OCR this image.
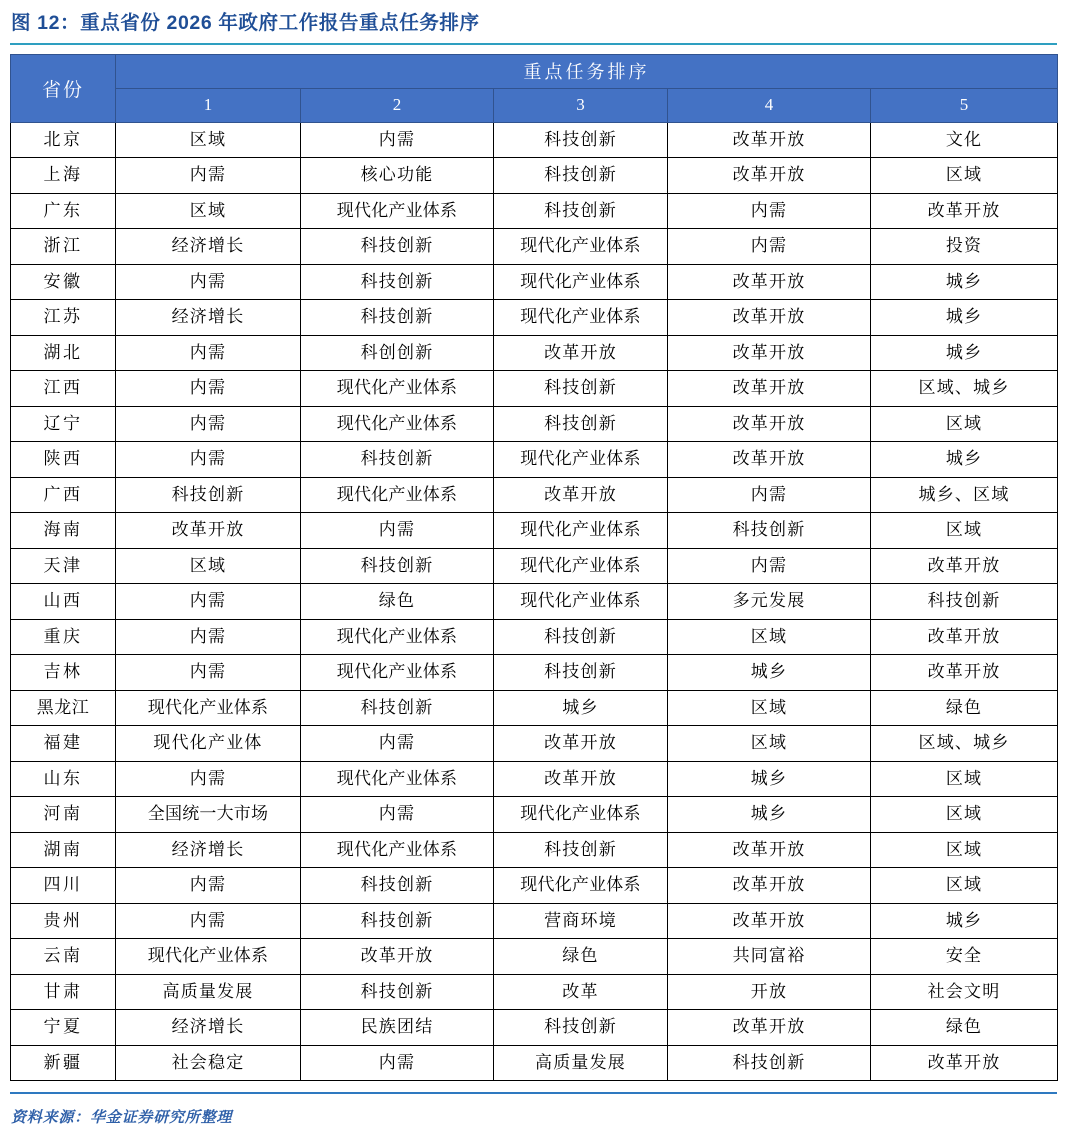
图 12：重点省份 2026 年政府工作报告重点任务排序
省份	重点任务排序				
	1	2	3	4	5
北京	区域	内需	科技创新	改革开放	文化
上海	内需	核心功能	科技创新	改革开放	区域
广东	区域	现代化产业体系	科技创新	内需	改革开放
浙江	经济增长	科技创新	现代化产业体系	内需	投资
安徽	内需	科技创新	现代化产业体系	改革开放	城乡
江苏	经济增长	科技创新	现代化产业体系	改革开放	城乡
湖北	内需	科创创新	改革开放	改革开放	城乡
江西	内需	现代化产业体系	科技创新	改革开放	区域、城乡
辽宁	内需	现代化产业体系	科技创新	改革开放	区域
陕西	内需	科技创新	现代化产业体系	改革开放	城乡
广西	科技创新	现代化产业体系	改革开放	内需	城乡、区域
海南	改革开放	内需	现代化产业体系	科技创新	区域
天津	区域	科技创新	现代化产业体系	内需	改革开放
山西	内需	绿色	现代化产业体系	多元发展	科技创新
重庆	内需	现代化产业体系	科技创新	区域	改革开放
吉林	内需	现代化产业体系	科技创新	城乡	改革开放
黑龙江	现代化产业体系	科技创新	城乡	区域	绿色
福建	现代化产业体	内需	改革开放	区域	区域、城乡
山东	内需	现代化产业体系	改革开放	城乡	区域
河南	全国统一大市场	内需	现代化产业体系	城乡	区域
湖南	经济增长	现代化产业体系	科技创新	改革开放	区域
四川	内需	科技创新	现代化产业体系	改革开放	区域
贵州	内需	科技创新	营商环境	改革开放	城乡
云南	现代化产业体系	改革开放	绿色	共同富裕	安全
甘肃	高质量发展	科技创新	改革	开放	社会文明
宁夏	经济增长	民族团结	科技创新	改革开放	绿色
新疆	社会稳定	内需	高质量发展	科技创新	改革开放
资料来源：华金证券研究所整理
